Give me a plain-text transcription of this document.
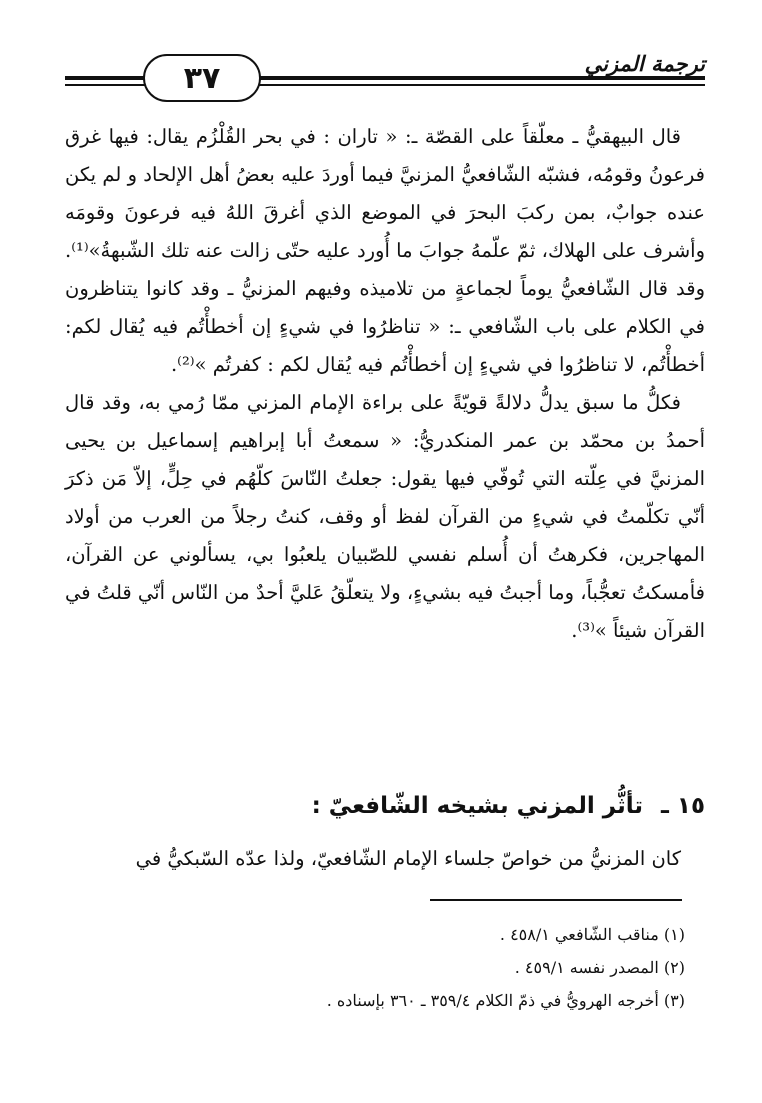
ترجمة المزني
٣٧

قال البيهقيُّ ـ معلّقاً على القصّة ـ: « تاران : في بحر القُلْزُم يقال: فيها غرق فرعونُ وقومُه، فشبّه الشّافعيُّ المزنيَّ فيما أوردَ عليه بعضُ أهل الإلحاد و لم يكن عنده جوابٌ، بمن ركبَ البحرَ في الموضع الذي أغرقَ اللهُ فيه فرعونَ وقومَه وأشرف على الهلاك، ثمّ علّمهُ جوابَ ما أُورد عليه حتّى زالت عنه تلك الشّبهةُ»⁽¹⁾. وقد قال الشّافعيُّ يوماً لجماعةٍ من تلاميذه وفيهم المزنيُّ ـ وقد كانوا يتناظرون في الكلام على باب الشّافعي ـ: « تناظرُوا في شيءٍ إن أخطأْتُم فيه يُقال لكم: أخطأْتُم، لا تناظرُوا في شيءٍ إن أخطأْتُم فيه يُقال لكم : كفرتُم »⁽²⁾.

فكلُّ ما سبق يدلُّ دلالةً قويّةً على براءة الإمام المزني ممّا رُمي به، وقد قال أحمدُ بن محمّد بن عمر المنكدريُّ: « سمعتُ أبا إبراهيم إسماعيل بن يحيى المزنيَّ في عِلّته التي تُوفّي فيها يقول: جعلتُ النّاسَ كلّهُم في حِلٍّ، إلاّ مَن ذكرَ أنّي تكلّمتُ في شيءٍ من القرآن لفظ أو وقف، كنتُ رجلاً من العرب من أولاد المهاجرين، فكرهتُ أن أُسلم نفسي للصّبيان يلعبُوا بي، يسألوني عن القرآن، فأمسكتُ تعجُّباً، وما أجبتُ فيه بشيءٍ، ولا يتعلّقُ عَليَّ أحدٌ من النّاس أنّي قلتُ في القرآن شيئاً »⁽³⁾.

١٥ ـ تأثُّر المزني بشيخه الشّافعيّ :
كان المزنيُّ من خواصّ جلساء الإمام الشّافعيّ، ولذا عدّه السّبكيُّ في
(١) مناقب الشّافعي ٤٥٨/١ .
(٢) المصدر نفسه ٤٥٩/١ .
(٣) أخرجه الهرويُّ في ذمّ الكلام ٣٥٩/٤ ـ ٣٦٠ بإسناده .
